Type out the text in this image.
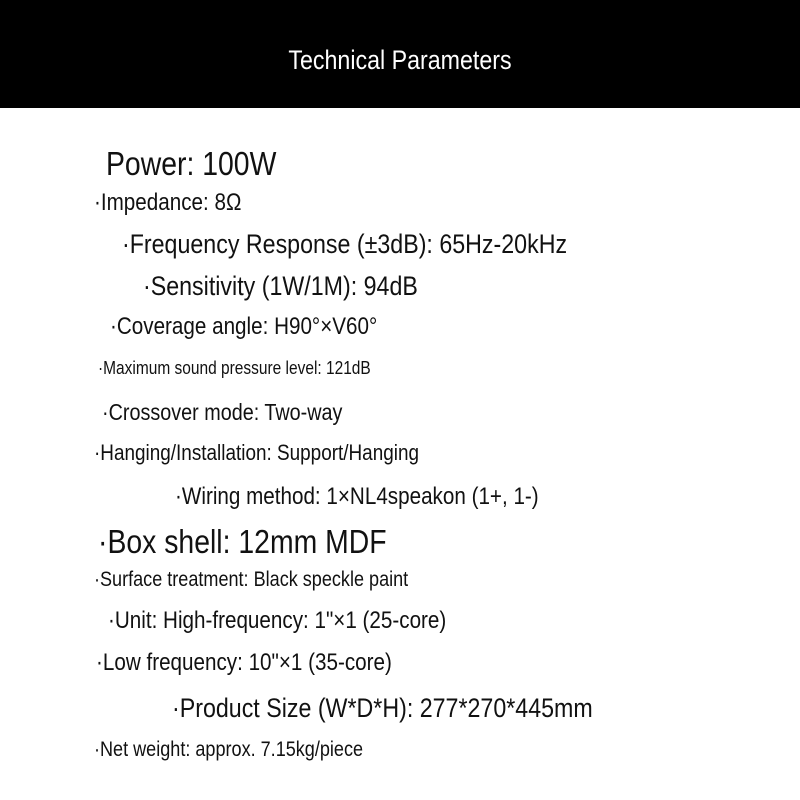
Technical Parameters
Power: 100W
·Impedance: 8Ω
·Frequency Response (±3dB): 65Hz-20kHz
·Sensitivity (1W/1M): 94dB
·Coverage angle: H90°×V60°
·Maximum sound pressure level: 121dB
·Crossover mode: Two-way
·Hanging/Installation: Support/Hanging
·Wiring method: 1×NL4speakon (1+, 1-)
·Box shell: 12mm MDF
·Surface treatment: Black speckle paint
·Unit: High-frequency: 1"×1 (25-core)
·Low frequency: 10"×1 (35-core)
·Product Size (W*D*H): 277*270*445mm
·Net weight: approx. 7.15kg/piece
